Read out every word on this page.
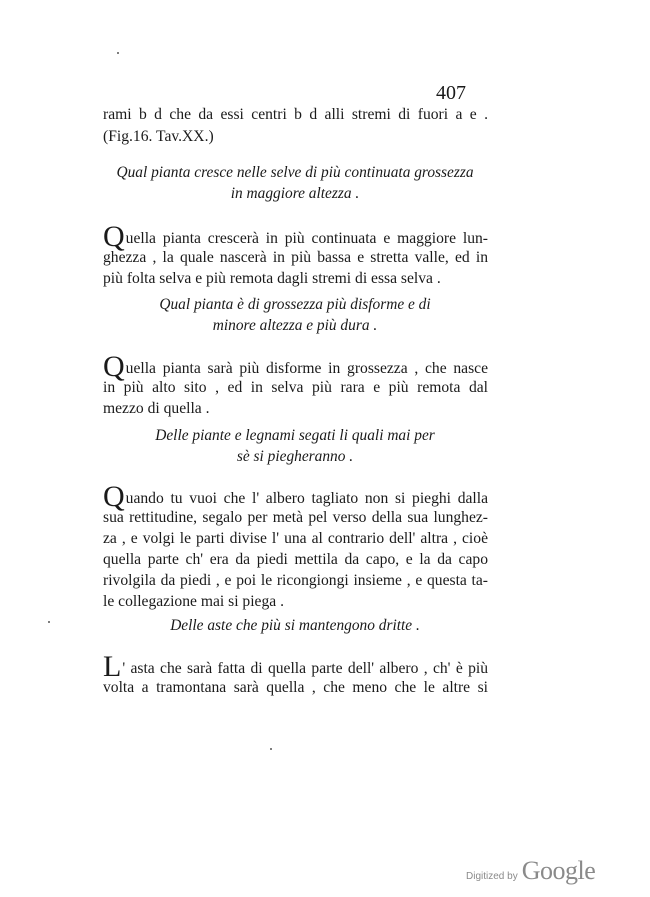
407
rami b d che da essi centri b d alli stremi di fuori a e .
(Fig.16. Tav.XX.)
Qual pianta cresce nelle selve di più continuata grossezza
in maggiore altezza .
Quella pianta crescerà in più continuata e maggiore lun-
ghezza , la quale nascerà in più bassa e stretta valle, ed in
più folta selva e più remota dagli stremi di essa selva .
Qual pianta è di grossezza più disforme e di
minore altezza e più dura .
Quella pianta sarà più disforme in grossezza , che nasce
in più alto sito , ed in selva più rara e più remota dal
mezzo di quella .
Delle piante e legnami segati li quali mai per
sè si piegheranno .
Quando tu vuoi che l' albero tagliato non si pieghi dalla
sua rettitudine, segalo per metà pel verso della sua lunghez-
za , e volgi le parti divise l' una al contrario dell' altra , cioè
quella parte ch' era da piedi mettila da capo, e la da capo
rivolgila da piedi , e poi le ricongiongi insieme , e questa ta-
le collegazione mai si piega .
Delle aste che più si mantengono dritte .
L' asta che sarà fatta di quella parte dell' albero , ch' è più
volta a tramontana sarà quella , che meno che le altre si
Digitized by Google
